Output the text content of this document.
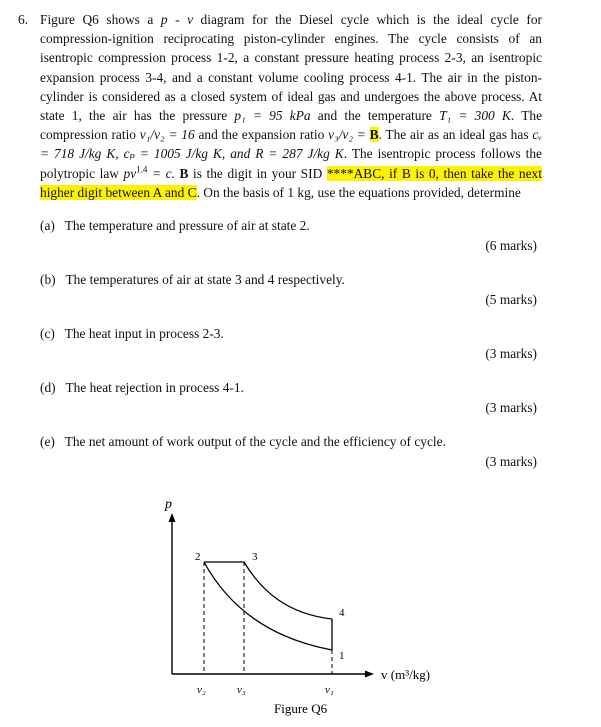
6. Figure Q6 shows a p - v diagram for the Diesel cycle which is the ideal cycle for compression-ignition reciprocating piston-cylinder engines. The cycle consists of an isentropic compression process 1-2, a constant pressure heating process 2-3, an isentropic expansion process 3-4, and a constant volume cooling process 4-1. The air in the piston-cylinder is considered as a closed system of ideal gas and undergoes the above process. At state 1, the air has the pressure p₁ = 95 kPa and the temperature T₁ = 300 K. The compression ratio v₁/v₂ = 16 and the expansion ratio v₃/v₂ = B. The air as an ideal gas has cᵥ = 718 J/kg K, cₚ = 1005 J/kg K, and R = 287 J/kg K. The isentropic process follows the polytropic law $pv^{1.4} = c$. B is the digit in your SID ****ABC, if B is 0, then take the next higher digit between A and C. On the basis of 1 kg, use the equations provided, determine
(a) The temperature and pressure of air at state 2.
(6 marks)
(b) The temperatures of air at state 3 and 4 respectively.
(5 marks)
(c) The heat input in process 2-3.
(3 marks)
(d) The heat rejection in process 4-1.
(3 marks)
(e) The net amount of work output of the cycle and the efficiency of cycle.
(3 marks)
p
v (m³/kg)
2	3
4
1
v₂	v₃	v₁
Figure Q6
